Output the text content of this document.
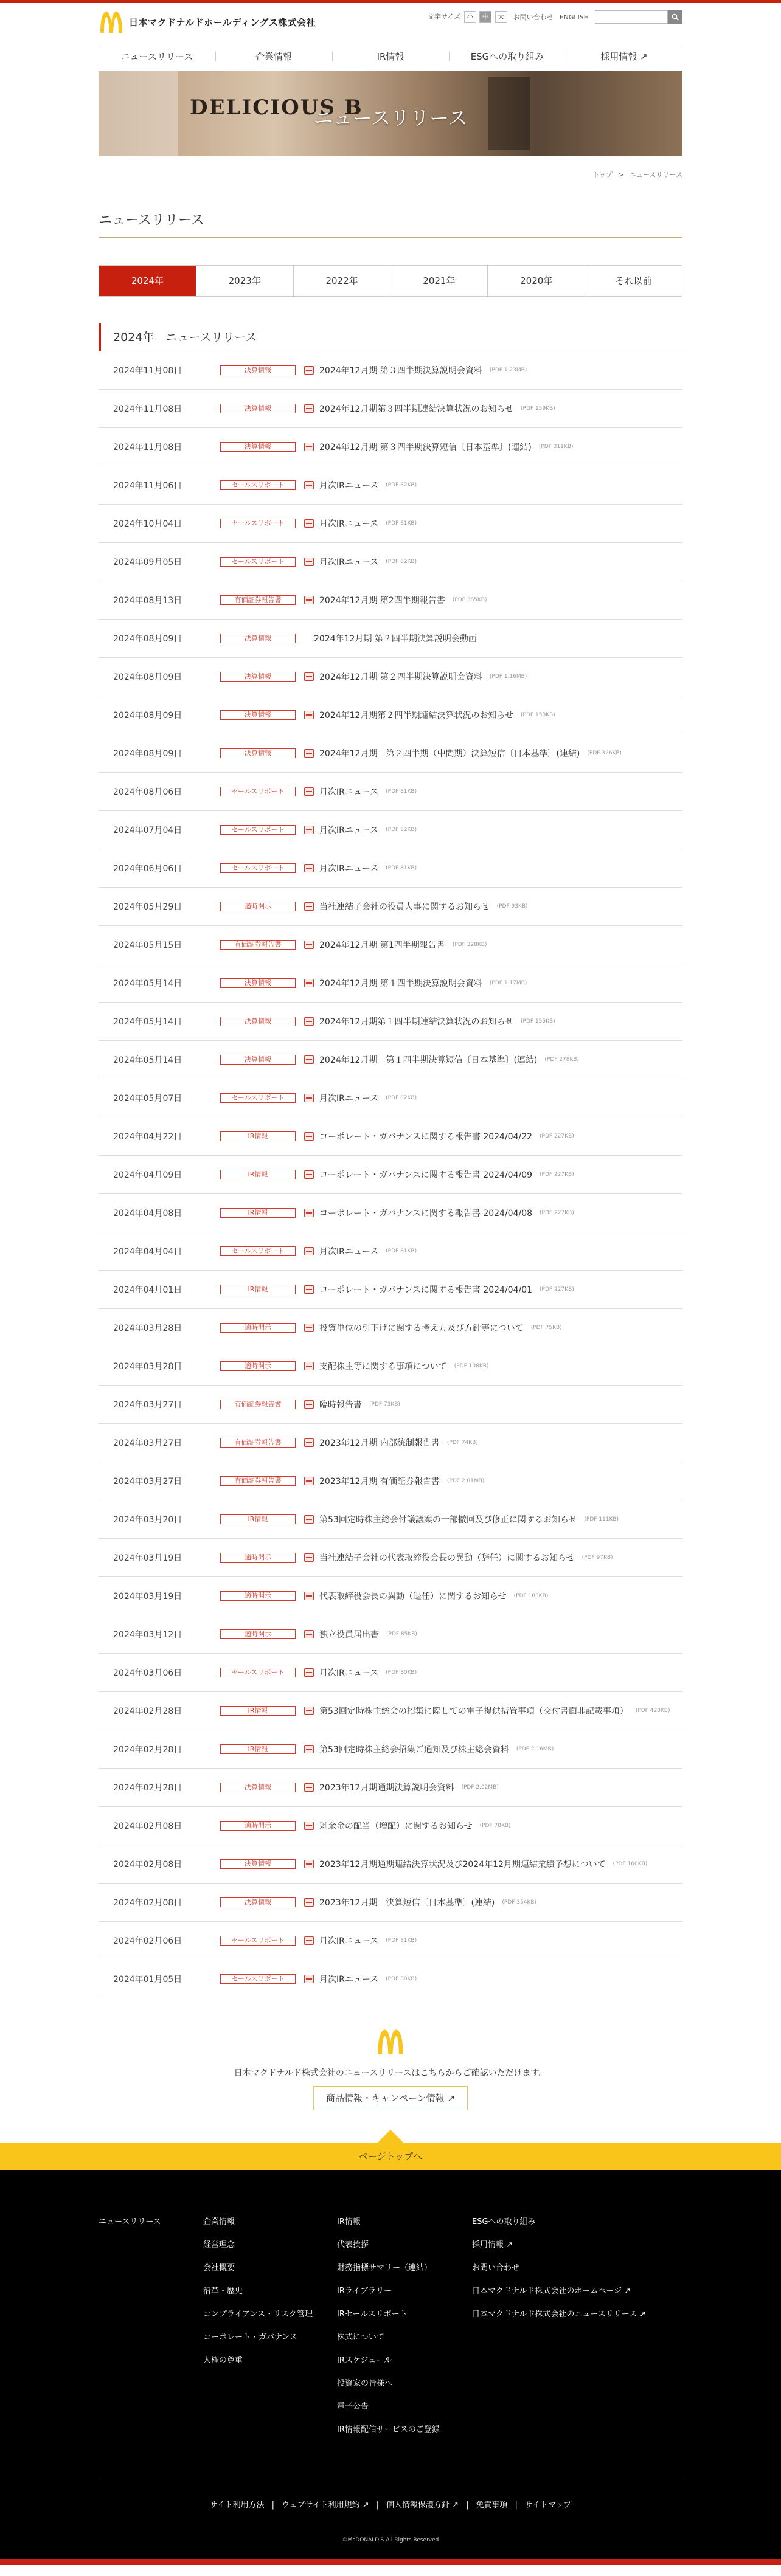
日本マクドナルドホールディングス株式会社	文字サイズ 小 中 大	お問い合わせ ENGLISH
ニュースリリース	企業情報	IR情報	ESGへの取り組み	採用情報 ↗
DELICIOUS B
ニュースリリース
トップ > ニュースリリース
ニュースリリース
2024年	2023年	2022年	2021年	2020年	それ以前
2024年　ニュースリリース
2024年11月08日	決算情報	2024年12月期 第３四半期決算説明会資料 (PDF 1.23MB)
2024年11月08日	決算情報	2024年12月期第３四半期連結決算状況のお知らせ (PDF 159KB)
2024年11月08日	決算情報	2024年12月期 第３四半期決算短信〔日本基準〕(連結) (PDF 311KB)
2024年11月06日	セールスリポート	月次IRニュース (PDF 82KB)
2024年10月04日	セールスリポート	月次IRニュース (PDF 81KB)
2024年09月05日	セールスリポート	月次IRニュース (PDF 82KB)
2024年08月13日	有価証券報告書	2024年12月期 第2四半期報告書 (PDF 385KB)
2024年08月09日	決算情報	2024年12月期 第２四半期決算説明会動画
2024年08月09日	決算情報	2024年12月期 第２四半期決算説明会資料 (PDF 1.16MB)
2024年08月09日	決算情報	2024年12月期第２四半期連結決算状況のお知らせ (PDF 158KB)
2024年08月09日	決算情報	2024年12月期　第２四半期（中間期）決算短信〔日本基準〕(連結) (PDF 326KB)
2024年08月06日	セールスリポート	月次IRニュース (PDF 81KB)
2024年07月04日	セールスリポート	月次IRニュース (PDF 82KB)
2024年06月06日	セールスリポート	月次IRニュース (PDF 81KB)
2024年05月29日	適時開示	当社連結子会社の役員人事に関するお知らせ (PDF 93KB)
2024年05月15日	有価証券報告書	2024年12月期 第1四半期報告書 (PDF 328KB)
2024年05月14日	決算情報	2024年12月期 第１四半期決算説明会資料 (PDF 1.17MB)
2024年05月14日	決算情報	2024年12月期第１四半期連結決算状況のお知らせ (PDF 155KB)
2024年05月14日	決算情報	2024年12月期　第１四半期決算短信〔日本基準〕(連結) (PDF 278KB)
2024年05月07日	セールスリポート	月次IRニュース (PDF 82KB)
2024年04月22日	IR情報	コーポレート・ガバナンスに関する報告書 2024/04/22 (PDF 227KB)
2024年04月09日	IR情報	コーポレート・ガバナンスに関する報告書 2024/04/09 (PDF 227KB)
2024年04月08日	IR情報	コーポレート・ガバナンスに関する報告書 2024/04/08 (PDF 227KB)
2024年04月04日	セールスリポート	月次IRニュース (PDF 81KB)
2024年04月01日	IR情報	コーポレート・ガバナンスに関する報告書 2024/04/01 (PDF 227KB)
2024年03月28日	適時開示	投資単位の引下げに関する考え方及び方針等について (PDF 75KB)
2024年03月28日	適時開示	支配株主等に関する事項について (PDF 108KB)
2024年03月27日	有価証券報告書	臨時報告書 (PDF 73KB)
2024年03月27日	有価証券報告書	2023年12月期 内部統制報告書 (PDF 74KB)
2024年03月27日	有価証券報告書	2023年12月期 有価証券報告書 (PDF 2.01MB)
2024年03月20日	IR情報	第53回定時株主総会付議議案の一部撤回及び修正に関するお知らせ (PDF 111KB)
2024年03月19日	適時開示	当社連結子会社の代表取締役会長の異動（辞任）に関するお知らせ (PDF 97KB)
2024年03月19日	適時開示	代表取締役会長の異動（退任）に関するお知らせ (PDF 103KB)
2024年03月12日	適時開示	独立役員届出書 (PDF 85KB)
2024年03月06日	セールスリポート	月次IRニュース (PDF 80KB)
2024年02月28日	IR情報	第53回定時株主総会の招集に際しての電子提供措置事項（交付書面非記載事項） (PDF 423KB)
2024年02月28日	IR情報	第53回定時株主総会招集ご通知及び株主総会資料 (PDF 2.16MB)
2024年02月28日	決算情報	2023年12月期通期決算説明会資料 (PDF 2.02MB)
2024年02月08日	適時開示	剰余金の配当（増配）に関するお知らせ (PDF 78KB)
2024年02月08日	決算情報	2023年12月期通期連結決算状況及び2024年12月期連結業績予想について (PDF 160KB)
2024年02月08日	決算情報	2023年12月期　決算短信〔日本基準〕(連結) (PDF 354KB)
2024年02月06日	セールスリポート	月次IRニュース (PDF 81KB)
2024年01月05日	セールスリポート	月次IRニュース (PDF 80KB)

日本マクドナルド株式会社のニュースリリースはこちらからご確認いただけます。

商品情報・キャンペーン情報 ↗
ページトップへ
ニュースリリース	企業情報
経営理念
会社概要
沿革・歴史
コンプライアンス・リスク管理
コーポレート・ガバナンス
人権の尊重
IR情報
代表挨拶
財務指標サマリー（連結）
IRライブラリー
IRセールスリポート
株式について
IRスケジュール
投資家の皆様へ
電子公告
IR情報配信サービスのご登録
ESGへの取り組み
採用情報 ↗
お問い合わせ
日本マクドナルド株式会社のホームページ ↗
日本マクドナルド株式会社のニュースリリース ↗
サイト利用方法 | ウェブサイト利用規約 ↗ | 個人情報保護方針 ↗ | 免責事項 | サイトマップ
©McDONALD'S All Rights Reserved
